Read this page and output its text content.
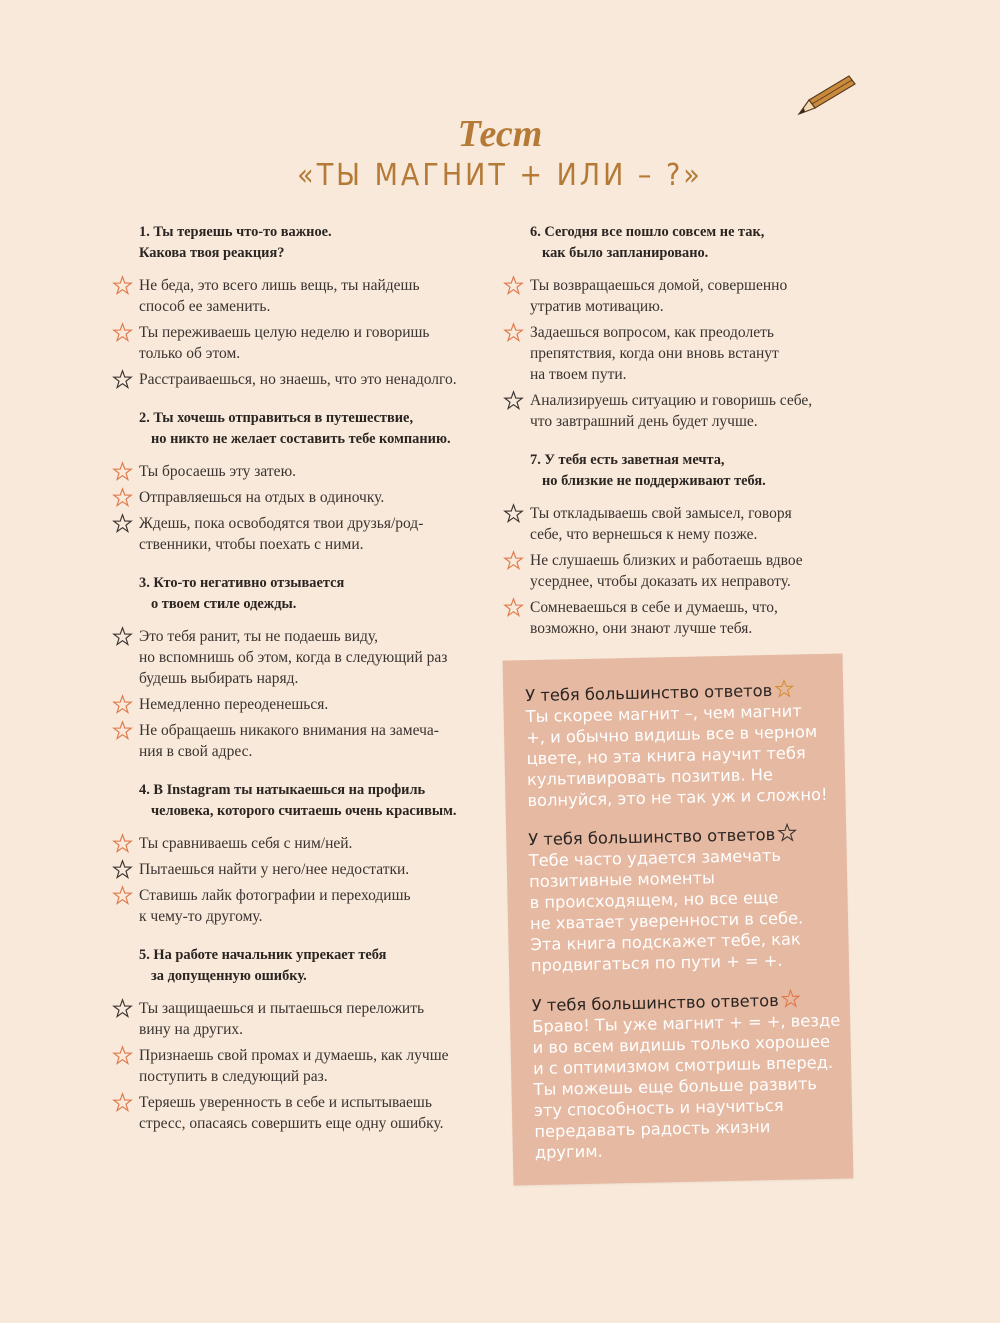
Тест
«ТЫ МАГНИТ + ИЛИ – ?»
1. Ты теряешь что-то важное.
Какова твоя реакция?
Не беда, это всего лишь вещь, ты найдешь
способ ее заменить.
Ты переживаешь целую неделю и говоришь
только об этом.
Расстраиваешься, но знаешь, что это ненадолго.
2. Ты хочешь отправиться в путешествие,
но никто не желает составить тебе компанию.
Ты бросаешь эту затею.
Отправляешься на отдых в одиночку.
Ждешь, пока освободятся твои друзья/род-
ственники, чтобы поехать с ними.
3. Кто-то негативно отзывается
о твоем стиле одежды.
Это тебя ранит, ты не подаешь виду,
но вспомнишь об этом, когда в следующий раз
будешь выбирать наряд.
Немедленно переоденешься.
Не обращаешь никакого внимания на замеча-
ния в свой адрес.
4. В Instagram ты натыкаешься на профиль
человека, которого считаешь очень красивым.
Ты сравниваешь себя с ним/ней.
Пытаешься найти у него/нее недостатки.
Ставишь лайк фотографии и переходишь
к чему-то другому.
5. На работе начальник упрекает тебя
за допущенную ошибку.
Ты защищаешься и пытаешься переложить
вину на других.
Признаешь свой промах и думаешь, как лучше
поступить в следующий раз.
Теряешь уверенность в себе и испытываешь
стресс, опасаясь совершить еще одну ошибку.
6. Сегодня все пошло совсем не так,
как было запланировано.
Ты возвращаешься домой, совершенно
утратив мотивацию.
Задаешься вопросом, как преодолеть
препятствия, когда они вновь встанут
на твоем пути.
Анализируешь ситуацию и говоришь себе,
что завтрашний день будет лучше.
7. У тебя есть заветная мечта,
но близкие не поддерживают тебя.
Ты откладываешь свой замысел, говоря
себе, что вернешься к нему позже.
Не слушаешь близких и работаешь вдвое
усерднее, чтобы доказать их неправоту.
Сомневаешься в себе и думаешь, что,
возможно, они знают лучше тебя.
У тебя большинство ответов
Ты скорее магнит –, чем магнит
+, и обычно видишь все в черном
цвете, но эта книга научит тебя
культивировать позитив. Не
волнуйся, это не так уж и сложно!
У тебя большинство ответов
Тебе часто удается замечать
позитивные моменты
в происходящем, но все еще
не хватает уверенности в себе.
Эта книга подскажет тебе, как
продвигаться по пути + = +.
У тебя большинство ответов
Браво! Ты уже магнит + = +, везде
и во всем видишь только хорошее
и с оптимизмом смотришь вперед.
Ты можешь еще больше развить
эту способность и научиться
передавать радость жизни
другим.
